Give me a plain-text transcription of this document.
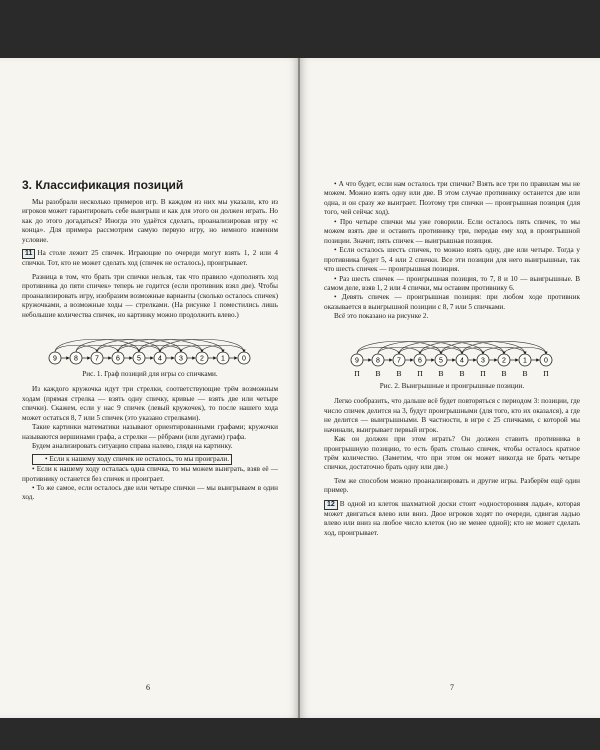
3. Классификация позиций

Мы разобрали несколько примеров игр. В каждом из них мы указали, кто из игроков может гарантировать себе выигрыш и как для этого он должен играть. Но как до этого догадаться? Иногда это удаётся сделать, проанализировав игру «с конца». Для примера рассмотрим самую первую игру, но немного изменим условие.

11 На столе лежит 25 спичек. Играющие по очереди могут взять 1, 2 или 4 спички. Тот, кто не может сделать ход (спичек не осталось), проигрывает.

Разница в том, что брать три спички нельзя, так что правило «дополнять ход противника до пяти спичек» теперь не годится (если противник взял две). Чтобы проанализировать игру, изобразим возможные варианты (сколько осталось спичек) кружочками, а возможные ходы — стрелками. (На рисунке 1 поместились лишь небольшие количества спичек, но картинку можно продолжить влево.)

9 8 7 6 5 4 3 2 1 0
Рис. 1. Граф позиций для игры со спичками.

Из каждого кружочка идут три стрелки, соответствующие трём возможным ходам (прямая стрелка — взять одну спичку, кривые — взять две или четыре спички). Скажем, если у нас 9 спичек (левый кружочек), то после нашего хода может остаться 8, 7 или 5 спичек (это указано стрелками).

Такие картинки математики называют ориентированными графами; кружочки называются вершинами графа, а стрелки — рёбрами (или дугами) графа.

Будем анализировать ситуацию справа налево, глядя на картинку.

• Если к нашему ходу спичек не осталось, то мы проиграли.

• Если к нашему ходу осталась одна спичка, то мы можем выиграть, взяв её — противнику останется без спичек и проиграет.

• То же самое, если осталось две или четыре спички — мы выигрываем в один ход.

6

• А что будет, если нам осталось три спички? Взять все три по правилам мы не можем. Можно взять одну или две. В этом случае противнику останется две или одна, и он сразу же выиграет. Поэтому три спички — проигрышная позиция (для того, чей сейчас ход).

• Про четыре спички мы уже говорили. Если осталось пять спичек, то мы можем взять две и оставить противнику три, передав ему ход в проигрышной позиции. Значит, пять спичек — выигрышная позиция.

• Если осталось шесть спичек, то можно взять одну, две или четыре. Тогда у противника будет 5, 4 или 2 спички. Все эти позиции для него выигрышные, так что шесть спичек — проигрышная позиция.

• Раз шесть спичек — проигрышная позиция, то 7, 8 и 10 — выигрышные. В самом деле, взяв 1, 2 или 4 спички, мы оставим противнику 6.

• Девять спичек — проигрышная позиция: при любом ходе противник оказывается в выигрышной позиции с 8, 7 или 5 спичками.

Всё это показано на рисунке 2.

9
П
8
В
7
В
6
П
5
В
4
В
3
П
2
В
1
В
0
П
Рис. 2. Выигрышные и проигрышные позиции.

Легко сообразить, что дальше всё будет повторяться с периодом 3: позиции, где число спичек делится на 3, будут проигрышными (для того, кто их оказался), а где не делится — выигрышными. В частности, в игре с 25 спичками, с которой мы начинали, выигрывает первый игрок.

Как он должен при этом играть? Он должен ставить противника в проигрышную позицию, то есть брать столько спичек, чтобы осталось кратное трём количество. (Заметим, что при этом он может никогда не брать четыре спички, достаточно брать одну или две.)

Тем же способом можно проанализировать и другие игры. Разберём ещё один пример.

12 В одной из клеток шахматной доски стоит «односторонняя ладья», которая может двигаться влево или вниз. Двое игроков ходят по очереди, сдвигая ладью влево или вниз на любое число клеток (но не менее одной); кто не может сделать ход, проигрывает.

7
